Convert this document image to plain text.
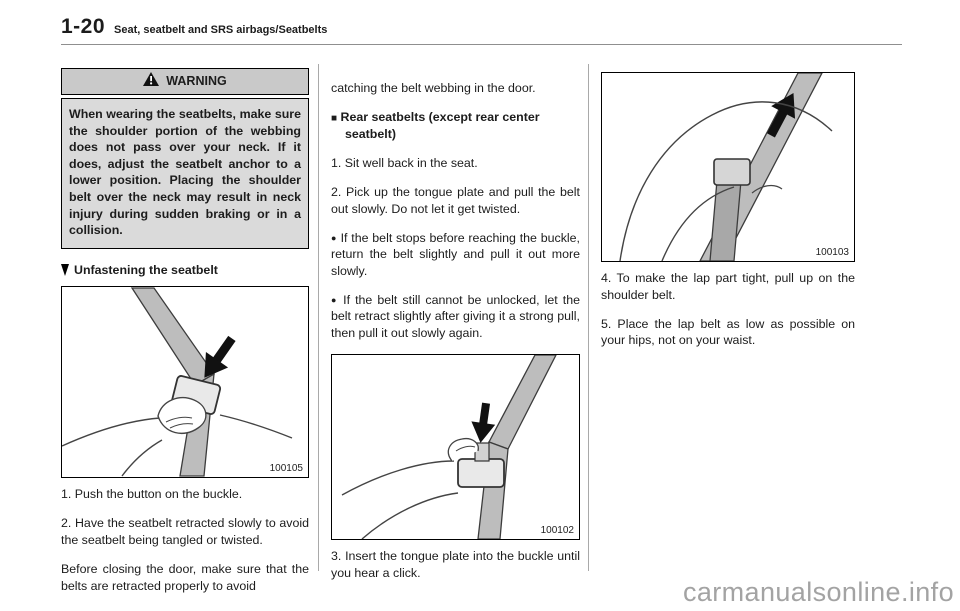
1-20 Seat, seatbelt and SRS airbags/Seatbelts
WARNING
When wearing the seatbelts, make sure the shoulder portion of the webbing does not pass over your neck. If it does, adjust the seatbelt anchor to a lower position. Placing the shoulder belt over the neck may result in neck injury during sudden braking or in a collision.
Unfastening the seatbelt
100105

1. Push the button on the buckle.

2. Have the seatbelt retracted slowly to avoid the seatbelt being tangled or twisted.

Before closing the door, make sure that the belts are retracted properly to avoid

catching the belt webbing in the door.

■ Rear seatbelts (except rear center seatbelt)

1. Sit well back in the seat.

2. Pick up the tongue plate and pull the belt out slowly. Do not let it get twisted.

● If the belt stops before reaching the buckle, return the belt slightly and pull it out more slowly.

● If the belt still cannot be unlocked, let the belt retract slightly after giving it a strong pull, then pull it out slowly again.

100102

3. Insert the tongue plate into the buckle until you hear a click.

100103

4. To make the lap part tight, pull up on the shoulder belt.

5. Place the lap belt as low as possible on your hips, not on your waist.

carmanualsonline.info
